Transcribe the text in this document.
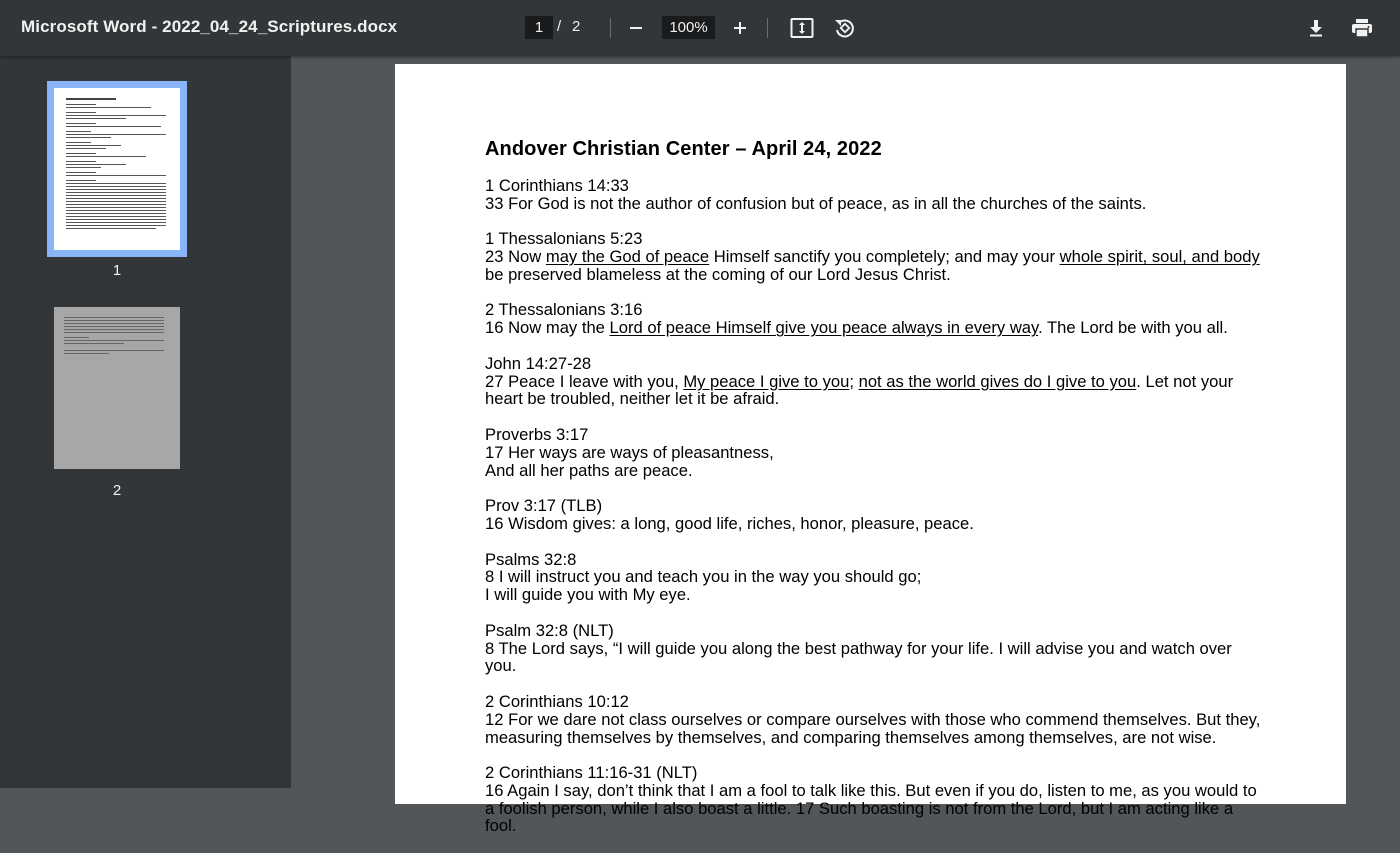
Microsoft Word - 2022_04_24_Scriptures.docx	1 / 2	100%
1
2
Andover Christian Center – April 24, 2022
1 Corinthians 14:33
33 For God is not the author of confusion but of peace, as in all the churches of the saints.
1 Thessalonians 5:23
23 Now may the God of peace Himself sanctify you completely; and may your whole spirit, soul, and body be preserved blameless at the coming of our Lord Jesus Christ.
2 Thessalonians 3:16
16 Now may the Lord of peace Himself give you peace always in every way. The Lord be with you all.
John 14:27-28
27 Peace I leave with you, My peace I give to you; not as the world gives do I give to you. Let not your heart be troubled, neither let it be afraid.
Proverbs 3:17
17 Her ways are ways of pleasantness,
And all her paths are peace.
Prov 3:17 (TLB)
16 Wisdom gives: a long, good life, riches, honor, pleasure, peace.
Psalms 32:8
8 I will instruct you and teach you in the way you should go;
I will guide you with My eye.
Psalm 32:8 (NLT)
8 The Lord says, “I will guide you along the best pathway for your life. I will advise you and watch over you.
2 Corinthians 10:12
12 For we dare not class ourselves or compare ourselves with those who commend themselves. But they, measuring themselves by themselves, and comparing themselves among themselves, are not wise.
2 Corinthians 11:16-31 (NLT)
16 Again I say, don’t think that I am a fool to talk like this. But even if you do, listen to me, as you would to a foolish person, while I also boast a little. 17 Such boasting is not from the Lord, but I am acting like a fool.
